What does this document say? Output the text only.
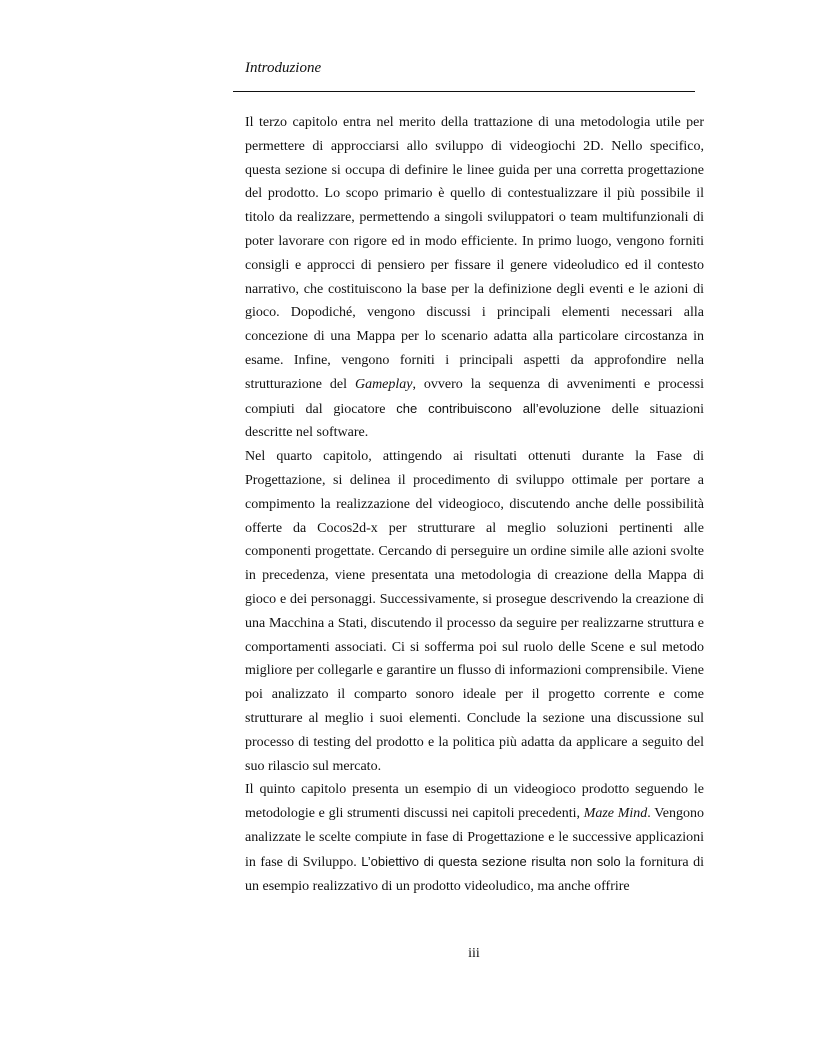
Introduzione

Il terzo capitolo entra nel merito della trattazione di una metodologia utile per permettere di approcciarsi allo sviluppo di videogiochi 2D. Nello specifico, questa sezione si occupa di definire le linee guida per una corretta progettazione del prodotto. Lo scopo primario è quello di contestualizzare il più possibile il titolo da realizzare, permettendo a singoli sviluppatori o team multifunzionali di poter lavorare con rigore ed in modo efficiente. In primo luogo, vengono forniti consigli e approcci di pensiero per fissare il genere videoludico ed il contesto narrativo, che costituiscono la base per la definizione degli eventi e le azioni di gioco. Dopodiché, vengono discussi i principali elementi necessari alla concezione di una Mappa per lo scenario adatta alla particolare circostanza in esame. Infine, vengono forniti i principali aspetti da approfondire nella strutturazione del Gameplay, ovvero la sequenza di avvenimenti e processi compiuti dal giocatore che contribuiscono all’evoluzione delle situazioni descritte nel software.

Nel quarto capitolo, attingendo ai risultati ottenuti durante la Fase di Progettazione, si delinea il procedimento di sviluppo ottimale per portare a compimento la realizzazione del videogioco, discutendo anche delle possibilità offerte da Cocos2d-x per strutturare al meglio soluzioni pertinenti alle componenti progettate. Cercando di perseguire un ordine simile alle azioni svolte in precedenza, viene presentata una metodologia di creazione della Mappa di gioco e dei personaggi. Successivamente, si prosegue descrivendo la creazione di una Macchina a Stati, discutendo il processo da seguire per realizzarne struttura e comportamenti associati. Ci si sofferma poi sul ruolo delle Scene e sul metodo migliore per collegarle e garantire un flusso di informazioni comprensibile. Viene poi analizzato il comparto sonoro ideale per il progetto corrente e come strutturare al meglio i suoi elementi. Conclude la sezione una discussione sul processo di testing del prodotto e la politica più adatta da applicare a seguito del suo rilascio sul mercato.

Il quinto capitolo presenta un esempio di un videogioco prodotto seguendo le metodologie e gli strumenti discussi nei capitoli precedenti, Maze Mind. Vengono analizzate le scelte compiute in fase di Progettazione e le successive applicazioni in fase di Sviluppo. L’obiettivo di questa sezione risulta non solo la fornitura di un esempio realizzativo di un prodotto videoludico, ma anche offrire

iii
